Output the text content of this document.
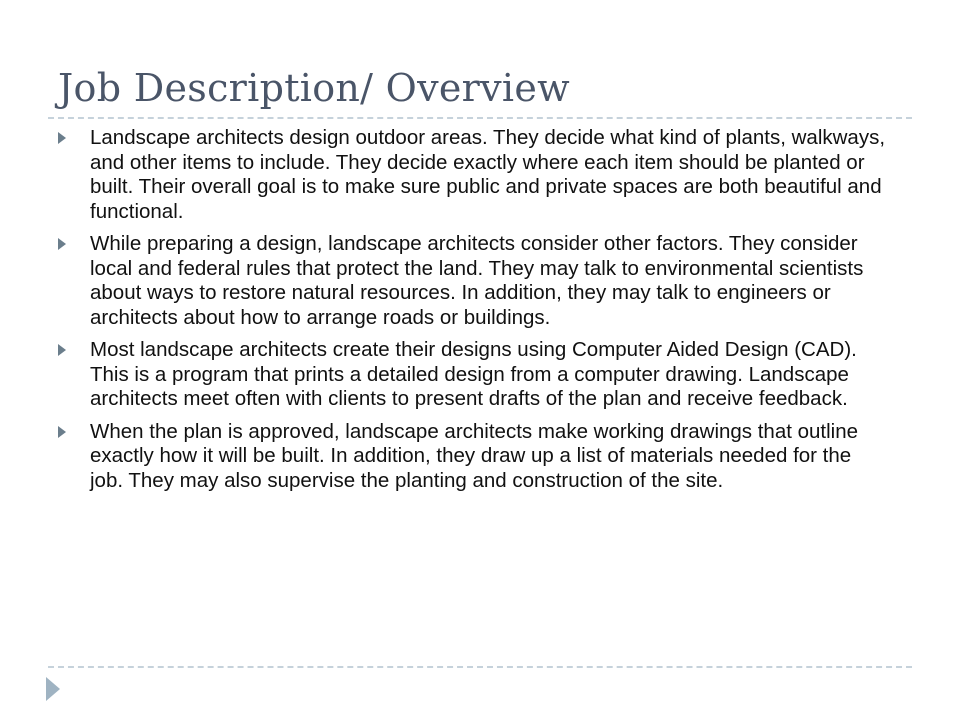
Job Description/ Overview
Landscape architects design outdoor areas. They decide what kind of plants, walkways, and other items to include. They decide exactly where each item should be planted or built. Their overall goal is to make sure public and private spaces are both beautiful and functional.
While preparing a design, landscape architects consider other factors. They consider local and federal rules that protect the land. They may talk to environmental scientists about ways to restore natural resources. In addition, they may talk to engineers or architects about how to arrange roads or buildings.
Most landscape architects create their designs using Computer Aided Design (CAD). This is a program that prints a detailed design from a computer drawing. Landscape architects meet often with clients to present drafts of the plan and receive feedback.
When the plan is approved, landscape architects make working drawings that outline exactly how it will be built. In addition, they draw up a list of materials needed for the job. They may also supervise the planting and construction of the site.
